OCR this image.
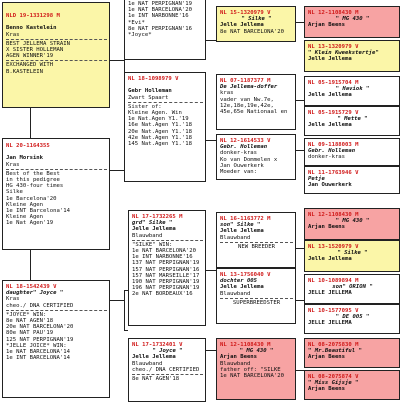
NLD 19-1331298 M

Benno Kastelein
Kras
BEST JELLEMA STRAIN
X SISTER HOLLEMAN
AGEN WINNER'19
EXCHANGED WITH
B.KASTELEIN
NL 20-1164355

Jan Morsink
Kras
Best of the Best
in this pedigree
HG 430-four times
Silke
1e Barcelona'20
Kleine Agen
1e INT Barcelona'14
Kleine Agen
1e Nat Agen'19
NL 18-1542439 V
daughter" Joyce "
Kras
cheo./ DNA CERTIFIED
*JOYCE* WIN:
8e NAT AGEN'18
20e NAT BARCELONA'20
80e NAT PAU'19
125 NAT PERPIGNAN'19
*JELLE JOICE* WIN:
1e NAT BARCELONA'14
1e INT BARCELONA'14
1e NAT PERPIGNAN'19
1e NAT BARCELONA'20
1e INT NARBONNE'16
*Evi*
8e NAT PERPIGNAN'16
*Joyce*
NL 18-1098979 V

Gebr Holleman
Zwart Spaart
Sister of:
Kleine Agen. Win
1e Nat.Agen Y1.'19
16e Nat.Agen Y1.'18
20e Nat.Agen Y1.'18
42e Nat.Agen Y1.'18
145 Nat.Agen Y1.'18
NL 17-1732265 M
grd" Silke "
Jelle Jellema
Blauwband
"SILKE" WIN:
1e NAT BARCELONA'20
1e INT NARBONNE'16
137 NAT PERPIGNAN'19
157 NAT PERPIGNAN'16
157 NAT MARSEILLE'17
190 NAT PERPIGNAN'19
196 NAT PERPIGNAN'19
2e NAT BORDEAUX'16
NL 17-1732401 V
" Joyce "
Jelle Jellema
Blauwband
cheo./ DNA CERTIFIED
8e NAT AGEN'18
NL 15-1320979 V
" Silke "
Jelle Jellema
8e NAT BARCELONA'20
NL 07-1187377 M
De Jellema-doffer
kras
vader van Nw.7e,
12e,18e,19e,42e,
45e,65e Nationaal en
NL 12-1614533 V
Gebr. Holleman
donker-kras
Ko van Dommelen x
Jan Ouwerkerk
Moeder van:
NL 16-1163772 M
son" Silke "
Jelle Jellema
Blauwband
NEW BREEDER
NL 13-1756040 V
dochter 005
Jelle Jellema
Blauwband
SUPERBREEDSTER
NL 12-1108430 M
" MG 430 "
Arjan Beens
Blauwband
father off: "SILKE
1e NAT BARCELONA'20
NL 12-1108430 M
" MG 430 "
Arjan Beens
NL 13-1320979 V
" Klein Kweekstertje"
Jelle Jellema
NL 05-1915704 M
" Haviok "
Jelle Jellema
NL 05-1915729 V
" Mette "
Jelle Jellema
NL 09-1188003 M
Gebr. Holleman
donker-kras
NL 11-1763946 V
Petje
Jan Ouwerkerk
NL 12-1108430 M
" MG 430 "
Arjan Beens
NL 13-1520979 V
" Silke "
Jelle Jellema
NL 10-1089894 M
son" ORION "
JELLE JELLEMA
NL 10-1577095 V
" DE 005 "
JELLE JELLEMA
NL 08-2075830 M
" Mr.Beautiful "
Arjan Beens
NL 08-2075874 V
" Miss Gijsje "
Arjan Beens
